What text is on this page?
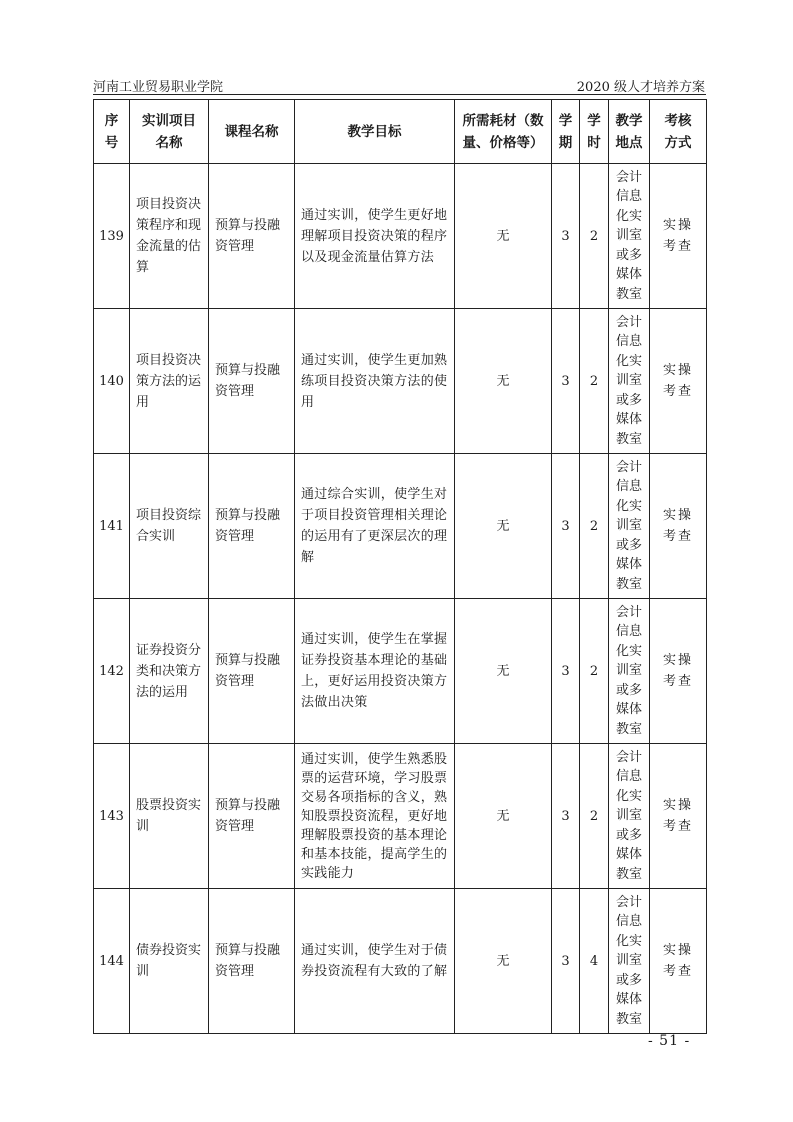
河南工业贸易职业学院	2020 级人才培养方案
序号	实训项目名称	课程名称	教学目标	所需耗材（数量、价格等）	学期	学时	教学地点	考核方式
139	项目投资决策程序和现金流量的估算	预算与投融资管理	通过实训，使学生更好地理解项目投资决策的程序以及现金流量估算方法	无	3	2	会计信息化实训室或多媒体教室	实操考查
140	项目投资决策方法的运用	预算与投融资管理	通过实训，使学生更加熟练项目投资决策方法的使用	无	3	2	会计信息化实训室或多媒体教室	实操考查
141	项目投资综合实训	预算与投融资管理	通过综合实训，使学生对于项目投资管理相关理论的运用有了更深层次的理解	无	3	2	会计信息化实训室或多媒体教室	实操考查
142	证券投资分类和决策方法的运用	预算与投融资管理	通过实训，使学生在掌握证券投资基本理论的基础上，更好运用投资决策方法做出决策	无	3	2	会计信息化实训室或多媒体教室	实操考查
143	股票投资实训	预算与投融资管理	通过实训，使学生熟悉股票的运营环境，学习股票交易各项指标的含义，熟知股票投资流程，更好地理解股票投资的基本理论和基本技能，提高学生的实践能力	无	3	2	会计信息化实训室或多媒体教室	实操考查
144	债券投资实训	预算与投融资管理	通过实训，使学生对于债券投资流程有大致的了解	无	3	4	会计信息化实训室或多媒体教室	实操考查
- 51 -
